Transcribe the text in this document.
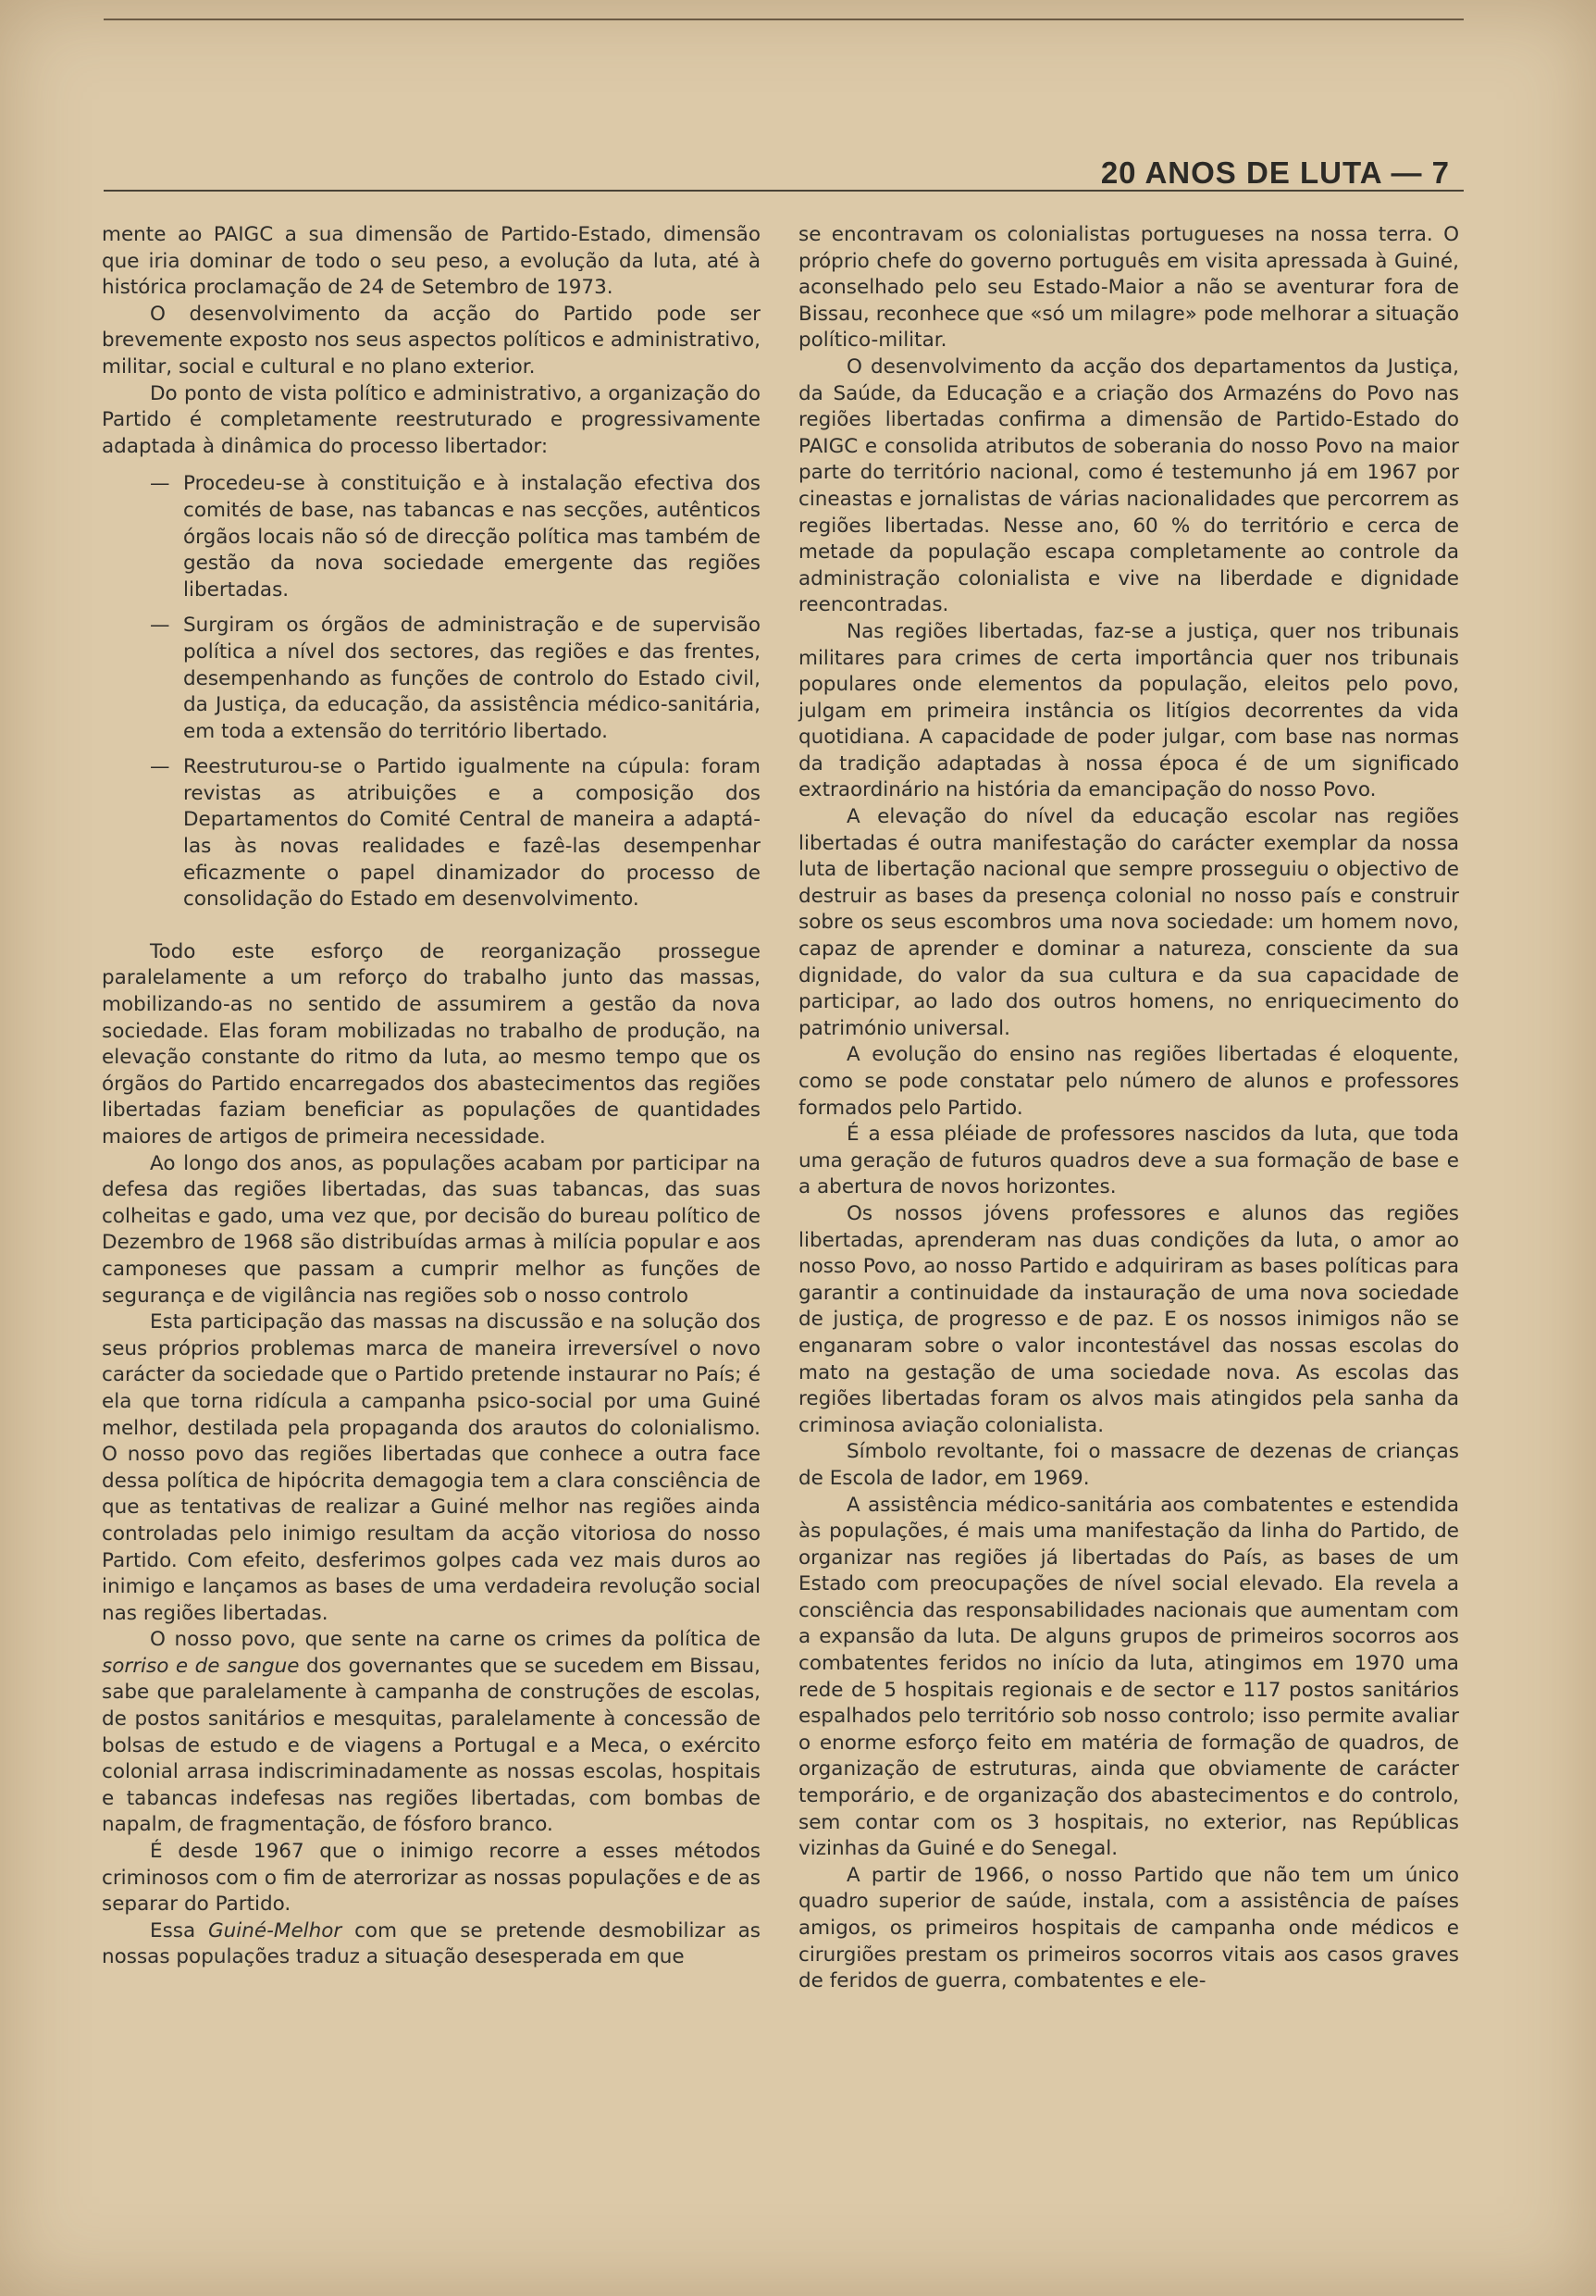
20 ANOS DE LUTA — 7

mente ao PAIGC a sua dimensão de Partido-Estado, dimensão que iria dominar de todo o seu peso, a evolução da luta, até à histórica proclamação de 24 de Setembro de 1973.

O desenvolvimento da acção do Partido pode ser brevemente exposto nos seus aspectos políticos e administrativo, militar, social e cultural e no plano exterior.

Do ponto de vista político e administrativo, a organização do Partido é completamente reestruturado e progressivamente adaptada à dinâmica do processo libertador:

— Procedeu-se à constituição e à instalação efectiva dos comités de base, nas tabancas e nas secções, autênticos órgãos locais não só de direcção política mas também de gestão da nova sociedade emergente das regiões libertadas.
— Surgiram os órgãos de administração e de supervisão política a nível dos sectores, das regiões e das frentes, desempenhando as funções de controlo do Estado civil, da Justiça, da educação, da assistência médico-sanitária, em toda a extensão do território libertado.
— Reestruturou-se o Partido igualmente na cúpula: foram revistas as atribuições e a composição dos Departamentos do Comité Central de maneira a adaptá-las às novas realidades e fazê-las desempenhar eficazmente o papel dinamizador do processo de consolidação do Estado em desenvolvimento.

Todo este esforço de reorganização prossegue paralelamente a um reforço do trabalho junto das massas, mobilizando-as no sentido de assumirem a gestão da nova sociedade. Elas foram mobilizadas no trabalho de produção, na elevação constante do ritmo da luta, ao mesmo tempo que os órgãos do Partido encarregados dos abastecimentos das regiões libertadas faziam beneficiar as populações de quantidades maiores de artigos de primeira necessidade.

Ao longo dos anos, as populações acabam por participar na defesa das regiões libertadas, das suas tabancas, das suas colheitas e gado, uma vez que, por decisão do bureau político de Dezembro de 1968 são distribuídas armas à milícia popular e aos camponeses que passam a cumprir melhor as funções de segurança e de vigilância nas regiões sob o nosso controlo

Esta participação das massas na discussão e na solução dos seus próprios problemas marca de maneira irreversível o novo carácter da sociedade que o Partido pretende instaurar no País; é ela que torna ridícula a campanha psico-social por uma Guiné melhor, destilada pela propaganda dos arautos do colonialismo. O nosso povo das regiões libertadas que conhece a outra face dessa política de hipócrita demagogia tem a clara consciência de que as tentativas de realizar a Guiné melhor nas regiões ainda controladas pelo inimigo resultam da acção vitoriosa do nosso Partido. Com efeito, desferimos golpes cada vez mais duros ao inimigo e lançamos as bases de uma verdadeira revolução social nas regiões libertadas.

O nosso povo, que sente na carne os crimes da política de sorriso e de sangue dos governantes que se sucedem em Bissau, sabe que paralelamente à campanha de construções de escolas, de postos sanitários e mesquitas, paralelamente à concessão de bolsas de estudo e de viagens a Portugal e a Meca, o exército colonial arrasa indiscriminadamente as nossas escolas, hospitais e tabancas indefesas nas regiões libertadas, com bombas de napalm, de fragmentação, de fósforo branco.

É desde 1967 que o inimigo recorre a esses métodos criminosos com o fim de aterrorizar as nossas populações e de as separar do Partido.

Essa Guiné-Melhor com que se pretende desmobilizar as nossas populações traduz a situação desesperada em que

se encontravam os colonialistas portugueses na nossa terra. O próprio chefe do governo português em visita apressada à Guiné, aconselhado pelo seu Estado-Maior a não se aventurar fora de Bissau, reconhece que «só um milagre» pode melhorar a situação político-militar.

O desenvolvimento da acção dos departamentos da Justiça, da Saúde, da Educação e a criação dos Armazéns do Povo nas regiões libertadas confirma a dimensão de Partido-Estado do PAIGC e consolida atributos de soberania do nosso Povo na maior parte do território nacional, como é testemunho já em 1967 por cineastas e jornalistas de várias nacionalidades que percorrem as regiões libertadas. Nesse ano, 60 % do território e cerca de metade da população escapa completamente ao controle da administração colonialista e vive na liberdade e dignidade reencontradas.

Nas regiões libertadas, faz-se a justiça, quer nos tribunais militares para crimes de certa importância quer nos tribunais populares onde elementos da população, eleitos pelo povo, julgam em primeira instância os litígios decorrentes da vida quotidiana. A capacidade de poder julgar, com base nas normas da tradição adaptadas à nossa época é de um significado extraordinário na história da emancipação do nosso Povo.

A elevação do nível da educação escolar nas regiões libertadas é outra manifestação do carácter exemplar da nossa luta de libertação nacional que sempre prosseguiu o objectivo de destruir as bases da presença colonial no nosso país e construir sobre os seus escombros uma nova sociedade: um homem novo, capaz de aprender e dominar a natureza, consciente da sua dignidade, do valor da sua cultura e da sua capacidade de participar, ao lado dos outros homens, no enriquecimento do património universal.

A evolução do ensino nas regiões libertadas é eloquente, como se pode constatar pelo número de alunos e professores formados pelo Partido.

É a essa pléiade de professores nascidos da luta, que toda uma geração de futuros quadros deve a sua formação de base e a abertura de novos horizontes.

Os nossos jóvens professores e alunos das regiões libertadas, aprenderam nas duas condições da luta, o amor ao nosso Povo, ao nosso Partido e adquiriram as bases políticas para garantir a continuidade da instauração de uma nova sociedade de justiça, de progresso e de paz. E os nossos inimigos não se enganaram sobre o valor incontestável das nossas escolas do mato na gestação de uma sociedade nova. As escolas das regiões libertadas foram os alvos mais atingidos pela sanha da criminosa aviação colonialista.

Símbolo revoltante, foi o massacre de dezenas de crianças de Escola de Iador, em 1969.

A assistência médico-sanitária aos combatentes e estendida às populações, é mais uma manifestação da linha do Partido, de organizar nas regiões já libertadas do País, as bases de um Estado com preocupações de nível social elevado. Ela revela a consciência das responsabilidades nacionais que aumentam com a expansão da luta. De alguns grupos de primeiros socorros aos combatentes feridos no início da luta, atingimos em 1970 uma rede de 5 hospitais regionais e de sector e 117 postos sanitários espalhados pelo território sob nosso controlo; isso permite avaliar o enorme esforço feito em matéria de formação de quadros, de organização de estruturas, ainda que obviamente de carácter temporário, e de organização dos abastecimentos e do controlo, sem contar com os 3 hospitais, no exterior, nas Repúblicas vizinhas da Guiné e do Senegal.

A partir de 1966, o nosso Partido que não tem um único quadro superior de saúde, instala, com a assistência de países amigos, os primeiros hospitais de campanha onde médicos e cirurgiões prestam os primeiros socorros vitais aos casos graves de feridos de guerra, combatentes e ele-
